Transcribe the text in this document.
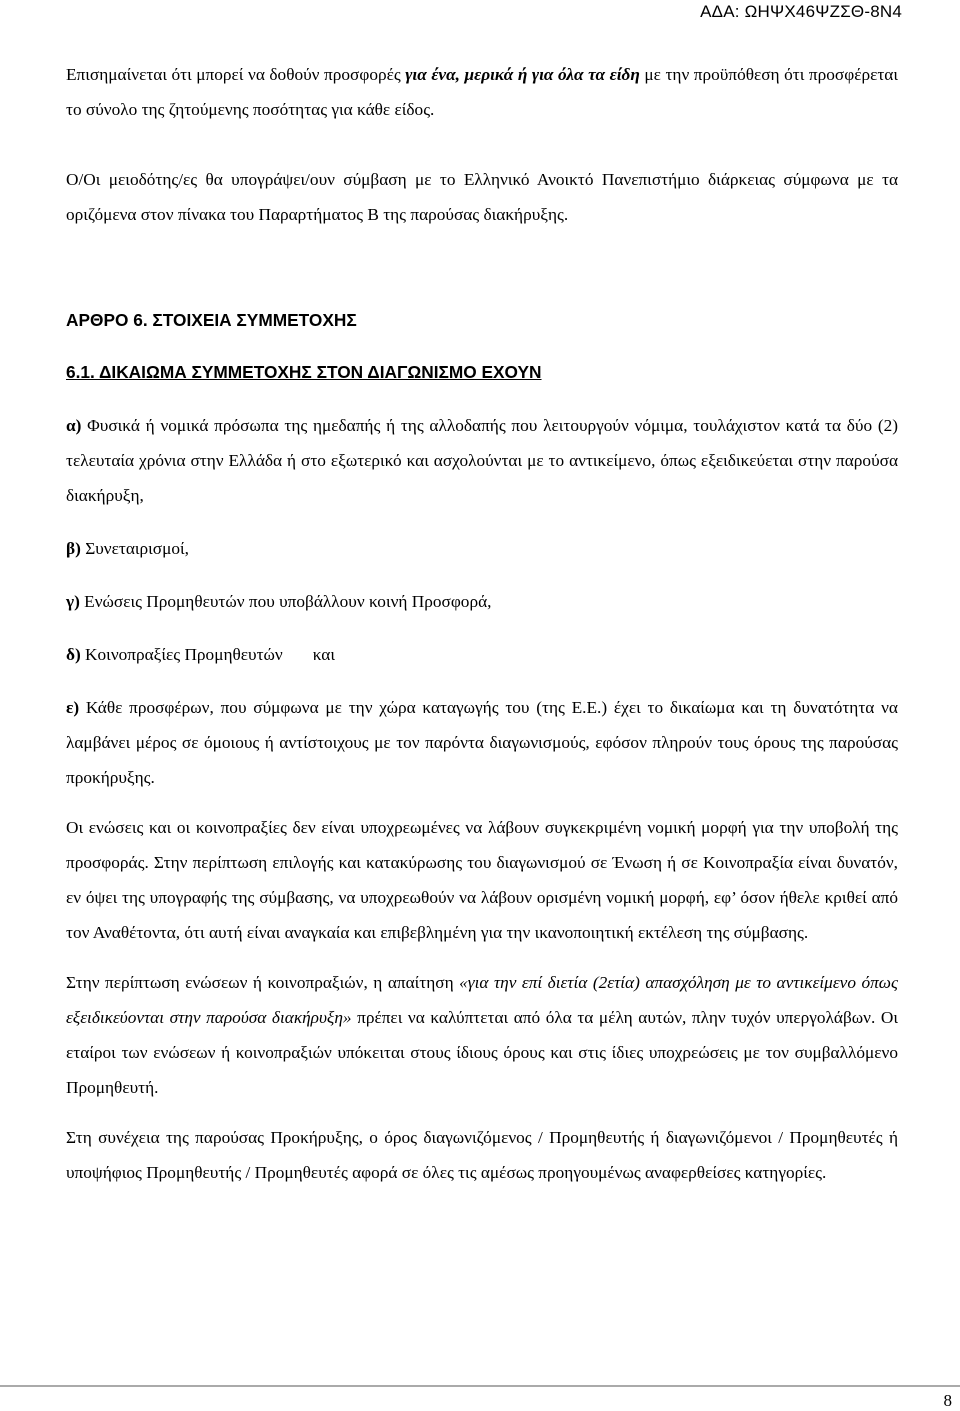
ΑΔΑ: ΩΗΨΧ46ΨΖΣΘ-8Ν4

Επισημαίνεται ότι μπορεί να δοθούν προσφορές για ένα, μερικά ή για όλα τα είδη με την προϋπόθεση ότι προσφέρεται το σύνολο της ζητούμενης ποσότητας για κάθε είδος.

Ο/Οι μειοδότης/ες θα υπογράψει/ουν σύμβαση με το Ελληνικό Ανοικτό Πανεπιστήμιο διάρκειας σύμφωνα με τα οριζόμενα στον πίνακα του Παραρτήματος Β της παρούσας διακήρυξης.

ΑΡΘΡΟ 6. ΣΤΟΙΧΕΙΑ ΣΥΜΜΕΤΟΧΗΣ

6.1. ΔΙΚΑΙΩΜΑ ΣΥΜΜΕΤΟΧΗΣ ΣΤΟΝ ΔΙΑΓΩΝΙΣΜΟ ΕΧΟΥΝ

α) Φυσικά ή νομικά πρόσωπα της ημεδαπής ή της αλλοδαπής που λειτουργούν νόμιμα, τουλάχιστον κατά τα δύο (2) τελευταία χρόνια στην Ελλάδα ή στο εξωτερικό και ασχολούνται με το αντικείμενο, όπως εξειδικεύεται στην παρούσα διακήρυξη,

β) Συνεταιρισμοί,

γ) Ενώσεις Προμηθευτών που υποβάλλουν κοινή Προσφορά,

δ) Κοινοπραξίες Προμηθευτών και

ε) Κάθε προσφέρων, που σύμφωνα με την χώρα καταγωγής του (της Ε.Ε.) έχει το δικαίωμα και τη δυνατότητα να λαμβάνει μέρος σε όμοιους ή αντίστοιχους με τον παρόντα διαγωνισμούς, εφόσον πληρούν τους όρους της παρούσας προκήρυξης.

Οι ενώσεις και οι κοινοπραξίες δεν είναι υποχρεωμένες να λάβουν συγκεκριμένη νομική μορφή για την υποβολή της προσφοράς. Στην περίπτωση επιλογής και κατακύρωσης του διαγωνισμού σε Ένωση ή σε Κοινοπραξία είναι δυνατόν, εν όψει της υπογραφής της σύμβασης, να υποχρεωθούν να λάβουν ορισμένη νομική μορφή, εφ’ όσον ήθελε κριθεί από τον Αναθέτοντα, ότι αυτή είναι αναγκαία και επιβεβλημένη για την ικανοποιητική εκτέλεση της σύμβασης.

Στην περίπτωση ενώσεων ή κοινοπραξιών, η απαίτηση «για την επί διετία (2ετία) απασχόληση με το αντικείμενο όπως εξειδικεύονται στην παρούσα διακήρυξη» πρέπει να καλύπτεται από όλα τα μέλη αυτών, πλην τυχόν υπεργολάβων. Οι εταίροι των ενώσεων ή κοινοπραξιών υπόκειται στους ίδιους όρους και στις ίδιες υποχρεώσεις με τον συμβαλλόμενο Προμηθευτή.

Στη συνέχεια της παρούσας Προκήρυξης, ο όρος διαγωνιζόμενος / Προμηθευτής ή διαγωνιζόμενοι / Προμηθευτές ή υποψήφιος Προμηθευτής / Προμηθευτές αφορά σε όλες τις αμέσως προηγουμένως αναφερθείσες κατηγορίες.

8
